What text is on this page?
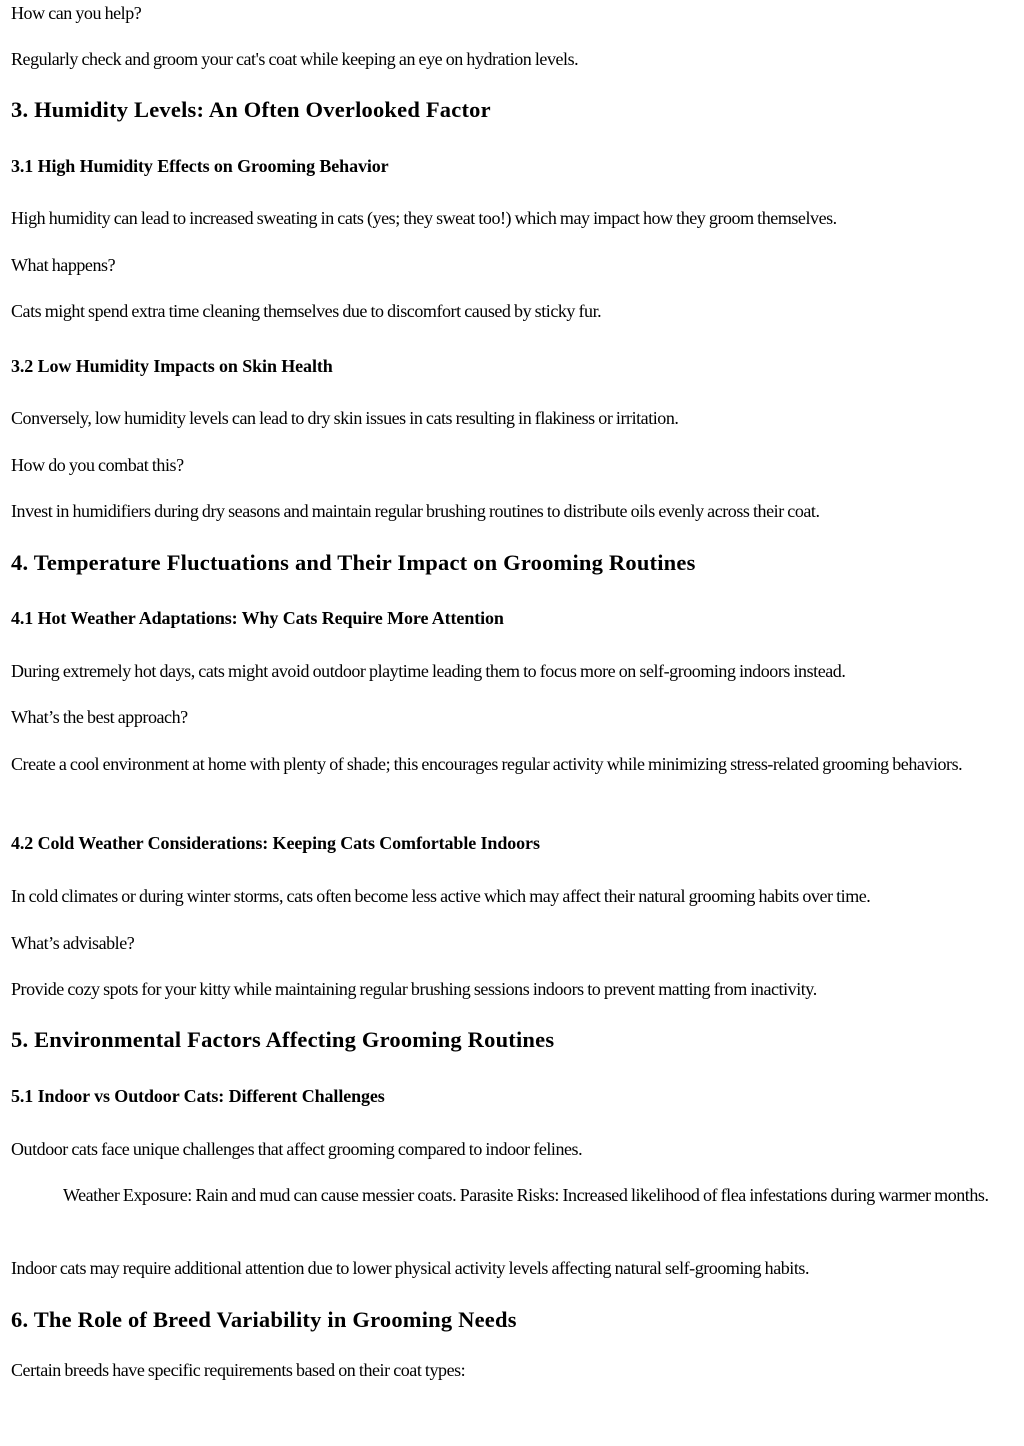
How can you help?

Regularly check and groom your cat's coat while keeping an eye on hydration levels.

3. Humidity Levels: An Often Overlooked Factor
3.1 High Humidity Effects on Grooming Behavior

High humidity can lead to increased sweating in cats (yes; they sweat too!) which may impact how they groom themselves.

What happens?

Cats might spend extra time cleaning themselves due to discomfort caused by sticky fur.

3.2 Low Humidity Impacts on Skin Health

Conversely, low humidity levels can lead to dry skin issues in cats resulting in flakiness or irritation.

How do you combat this?

Invest in humidifiers during dry seasons and maintain regular brushing routines to distribute oils evenly across their coat.

4. Temperature Fluctuations and Their Impact on Grooming Routines
4.1 Hot Weather Adaptations: Why Cats Require More Attention

During extremely hot days, cats might avoid outdoor playtime leading them to focus more on self-grooming indoors instead.

What’s the best approach?

Create a cool environment at home with plenty of shade; this encourages regular activity while minimizing stress-related grooming behaviors.

4.2 Cold Weather Considerations: Keeping Cats Comfortable Indoors

In cold climates or during winter storms, cats often become less active which may affect their natural grooming habits over time.

What’s advisable?

Provide cozy spots for your kitty while maintaining regular brushing sessions indoors to prevent matting from inactivity.

5. Environmental Factors Affecting Grooming Routines
5.1 Indoor vs Outdoor Cats: Different Challenges

Outdoor cats face unique challenges that affect grooming compared to indoor felines.

Weather Exposure: Rain and mud can cause messier coats. Parasite Risks: Increased likelihood of flea infestations during warmer months.

Indoor cats may require additional attention due to lower physical activity levels affecting natural self-grooming habits.

6. The Role of Breed Variability in Grooming Needs

Certain breeds have specific requirements based on their coat types:
